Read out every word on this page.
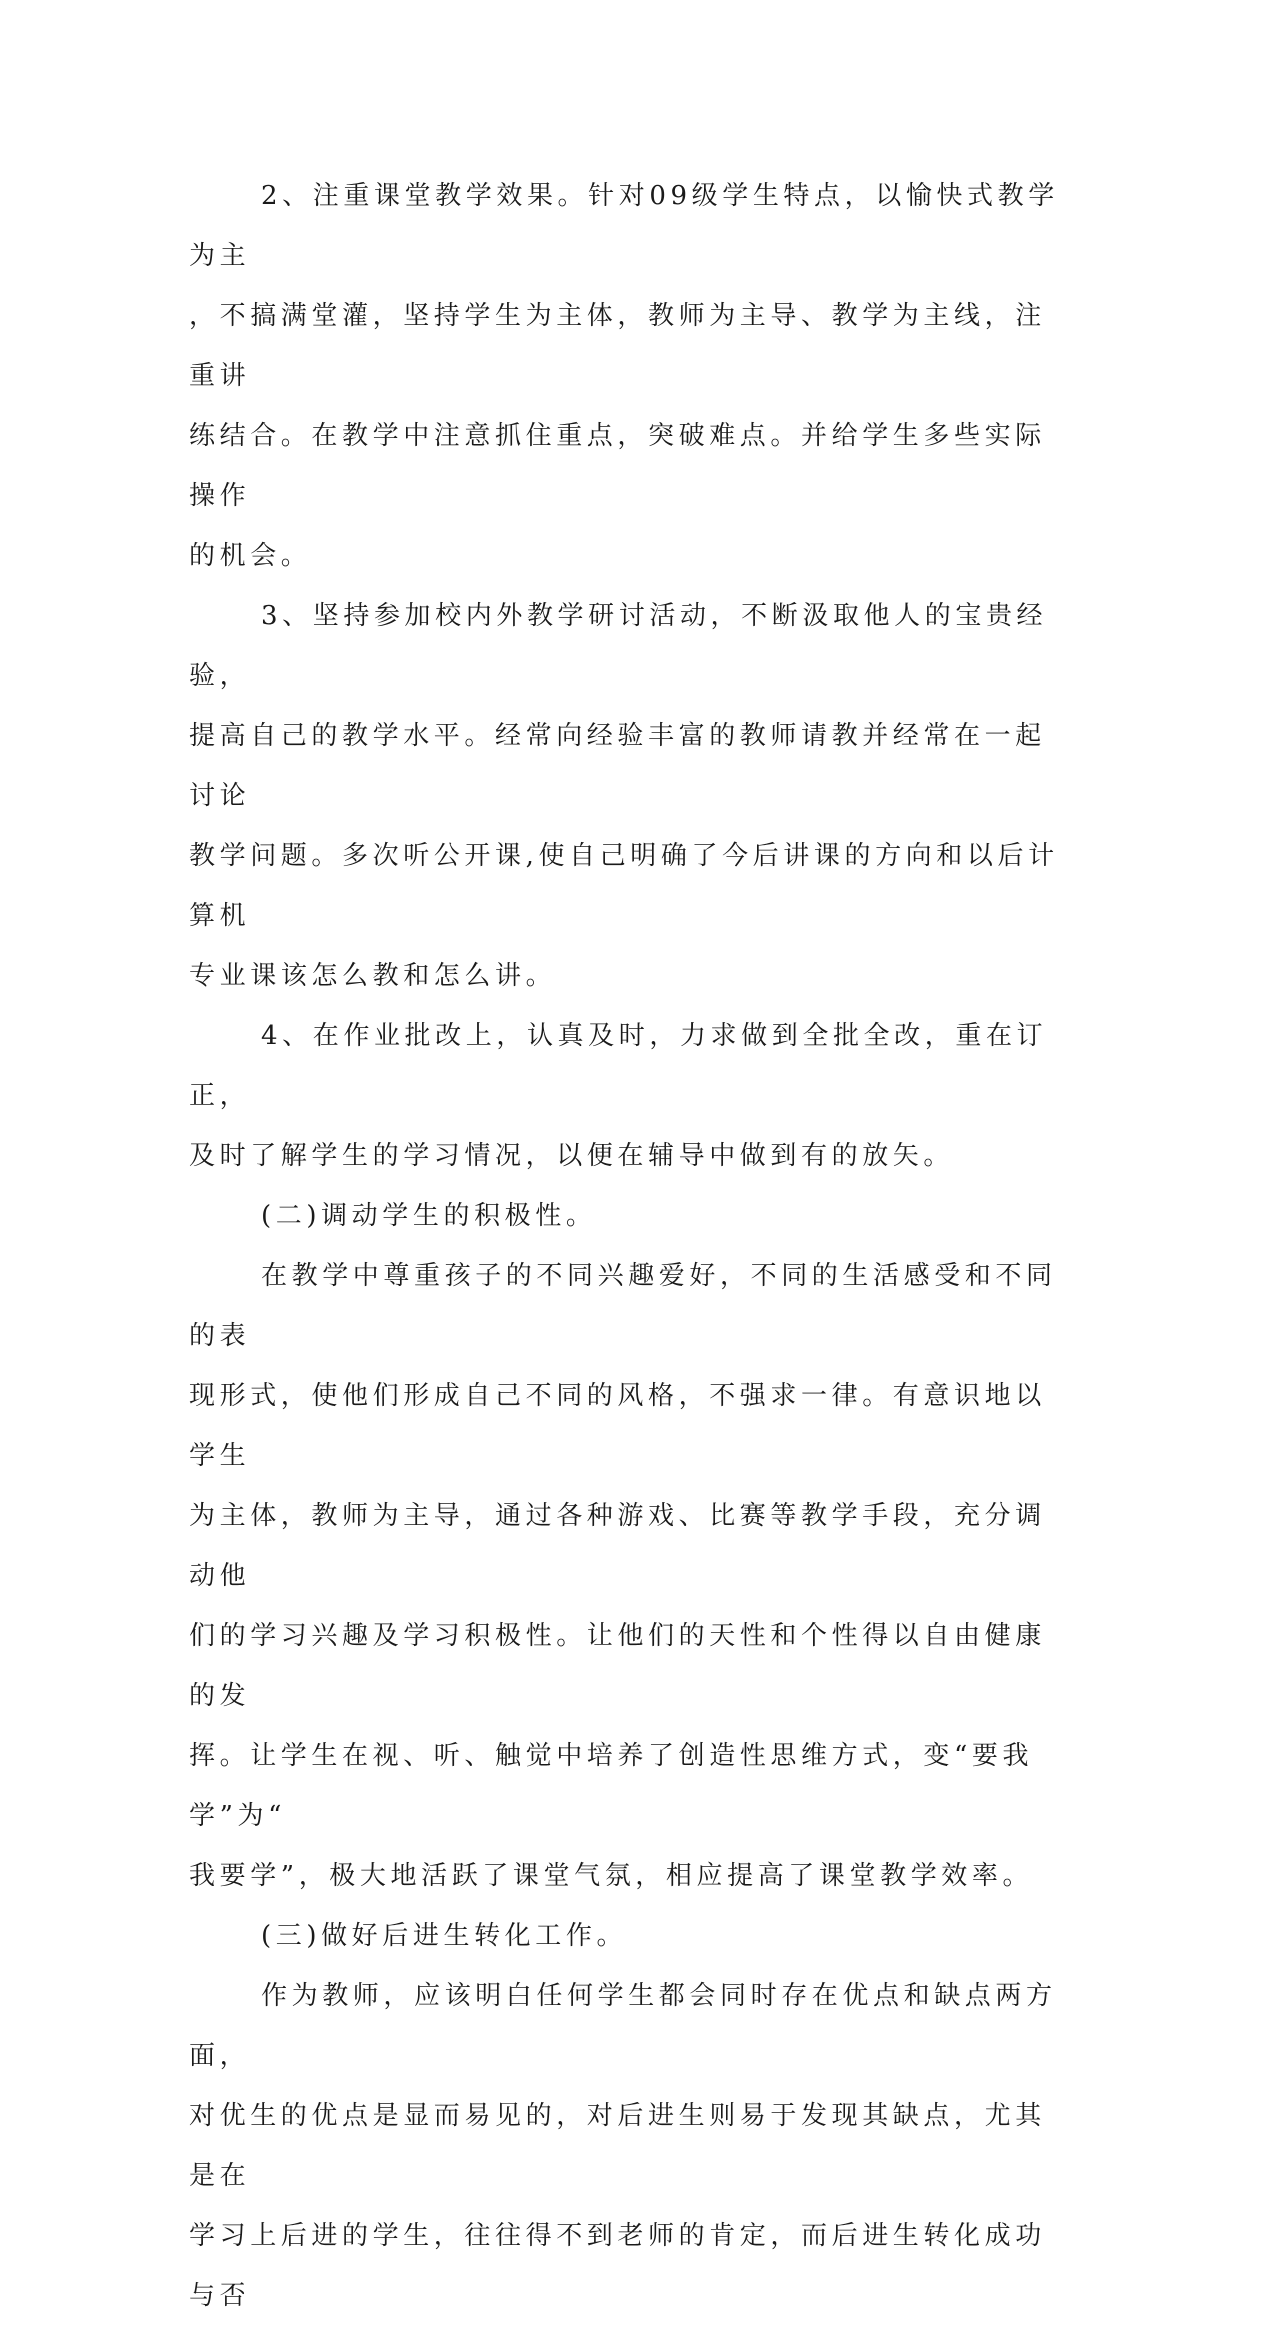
2、注重课堂教学效果。针对09级学生特点，以愉快式教学为主
，不搞满堂灌，坚持学生为主体，教师为主导、教学为主线，注重讲
练结合。在教学中注意抓住重点，突破难点。并给学生多些实际操作
的机会。

3、坚持参加校内外教学研讨活动，不断汲取他人的宝贵经验，
提高自己的教学水平。经常向经验丰富的教师请教并经常在一起讨论
教学问题。多次听公开课,使自己明确了今后讲课的方向和以后计算机
专业课该怎么教和怎么讲。

4、在作业批改上，认真及时，力求做到全批全改，重在订正，
及时了解学生的学习情况，以便在辅导中做到有的放矢。

(二)调动学生的积极性。

在教学中尊重孩子的不同兴趣爱好，不同的生活感受和不同的表
现形式，使他们形成自己不同的风格，不强求一律。有意识地以学生
为主体，教师为主导，通过各种游戏、比赛等教学手段，充分调动他
们的学习兴趣及学习积极性。让他们的天性和个性得以自由健康的发
挥。让学生在视、听、触觉中培养了创造性思维方式，变“要我学”为“
我要学”，极大地活跃了课堂气氛，相应提高了课堂教学效率。

(三)做好后进生转化工作。

作为教师，应该明白任何学生都会同时存在优点和缺点两方面，
对优生的优点是显而易见的，对后进生则易于发现其缺点，尤其是在
学习上后进的学生，往往得不到老师的肯定，而后进生转化成功与否
